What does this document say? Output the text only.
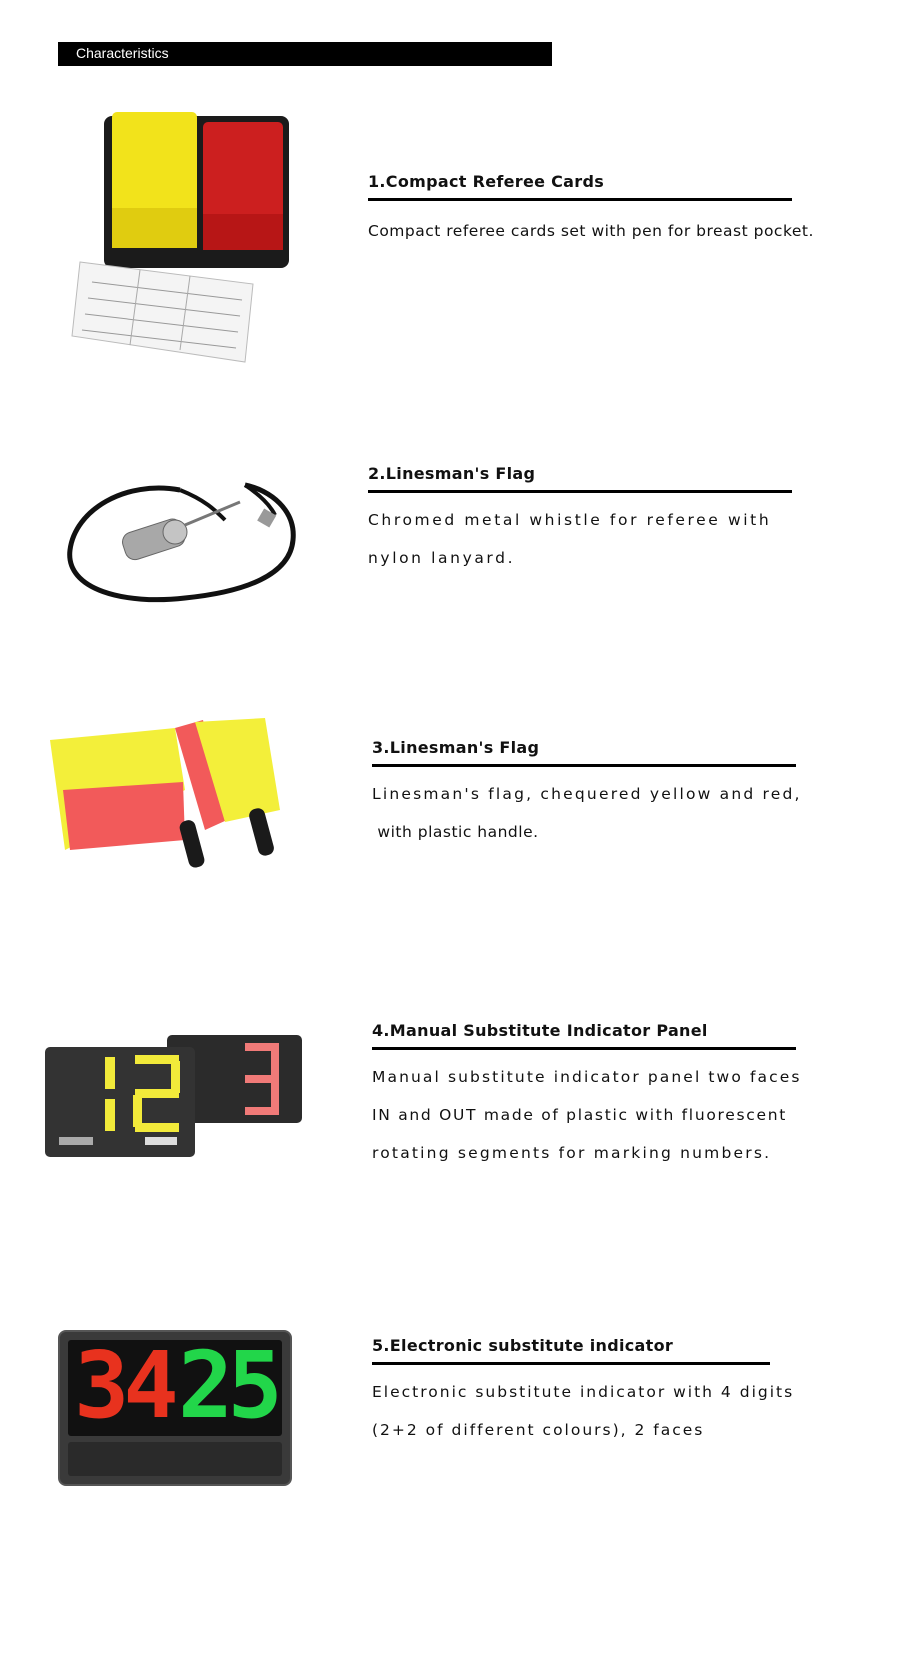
Characteristics
1.Compact Referee Cards
Compact referee cards set with pen for breast pocket.
2.Linesman's Flag
Chromed metal whistle for referee with
nylon lanyard.
3.Linesman's Flag
Linesman's flag, chequered yellow and red,
with plastic handle.
4.Manual Substitute Indicator Panel
Manual substitute indicator panel two faces
IN and OUT made of plastic with fluorescent
rotating segments for marking numbers.
34 25	5.Electronic substitute indicator
Electronic substitute indicator with 4 digits
(2+2 of different colours), 2 faces
